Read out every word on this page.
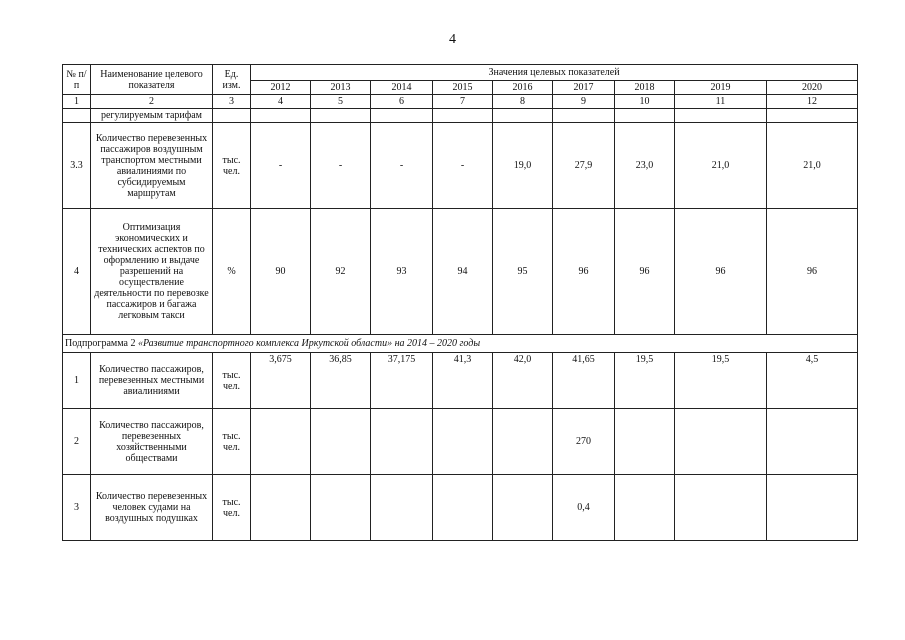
4
№ п/п	Наименование целевого показателя	Ед. изм.	Значения целевых показателей								
			2012	2013	2014	2015	2016	2017	2018	2019	2020
1	2	3	4	5	6	7	8	9	10	11	12
	регулируемым тарифам										
3.3	Количество перевезенных пассажиров воздушным транспортом местными авиалиниями по субсидируемым маршрутам	тыс. чел.	-	-	-	-	19,0	27,9	23,0	21,0	21,0
4	Оптимизация экономических и технических аспектов по оформлению и выдаче разрешений на осуществление деятельности по перевозке пассажиров и багажа легковым такси	%	90	92	93	94	95	96	96	96	96
Подпрограмма 2 «Развитие транспортного комплекса Иркутской области» на 2014 – 2020 годы											
1	Количество пассажиров, перевезенных местными авиалиниями	тыс. чел.	3,675	36,85	37,175	41,3	42,0	41,65	19,5	19,5	4,5
2	Количество пассажиров, перевезенных хозяйственными обществами	тыс. чел.						270			
3	Количество перевезенных человек судами на воздушных подушках	тыс. чел.						0,4			
